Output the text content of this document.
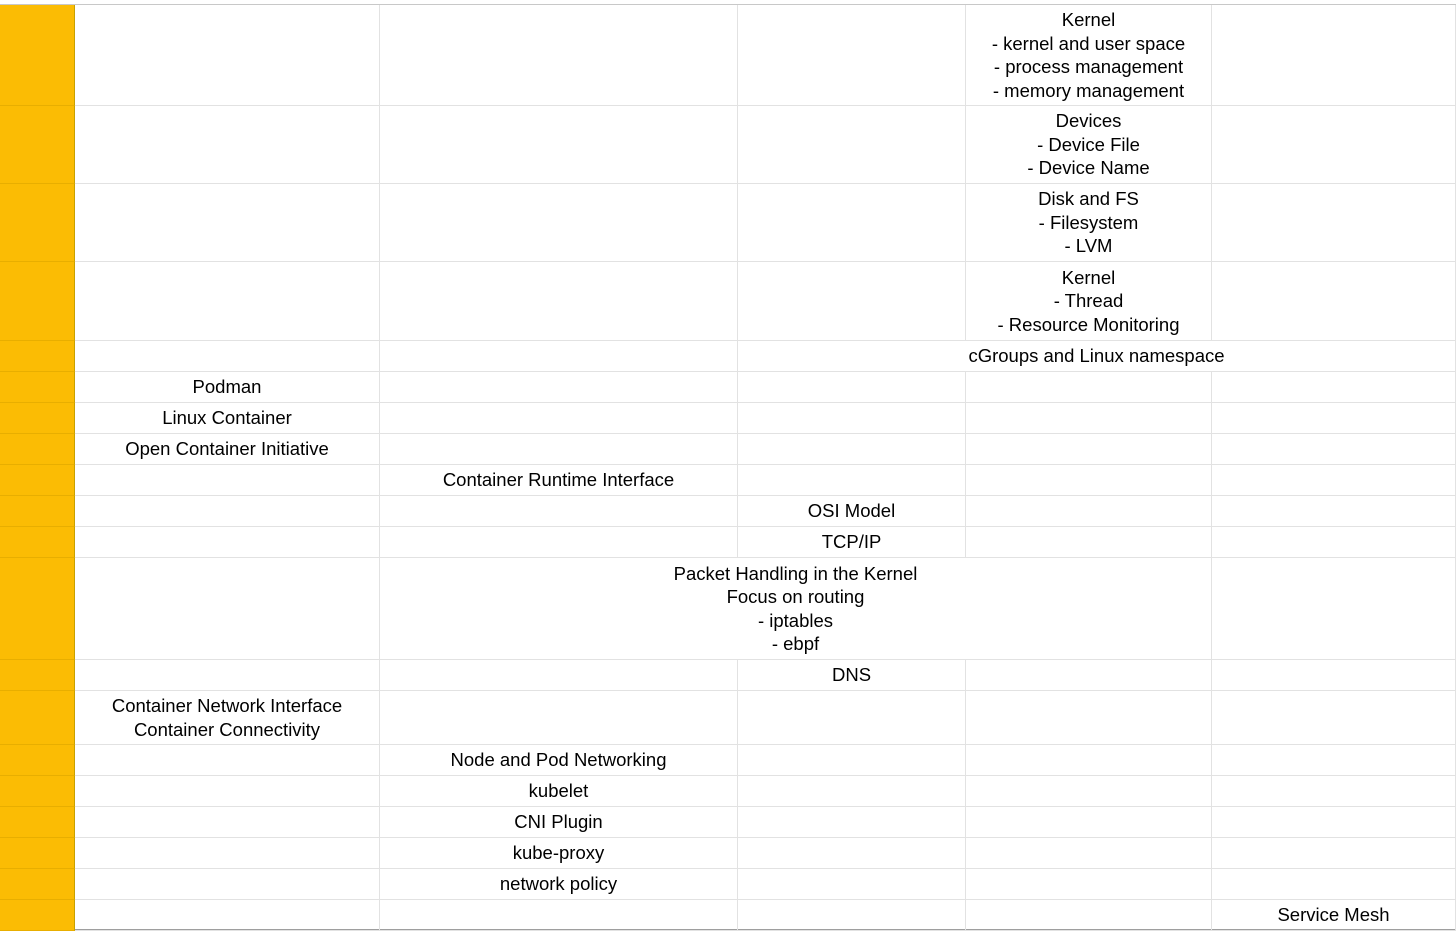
Kernel
- kernel and user space
- process management
- memory management
Devices
- Device File
- Device Name
Disk and FS
- Filesystem
- LVM
Kernel
- Thread
- Resource Monitoring
cGroups and Linux namespace
Podman
Linux Container
Open Container Initiative
Container Runtime Interface
OSI Model
TCP/IP
Packet Handling in the Kernel
Focus on routing
- iptables
- ebpf
DNS
Container Network Interface
Container Connectivity
Node and Pod Networking
kubelet
CNI Plugin
kube-proxy
network policy
Service Mesh
